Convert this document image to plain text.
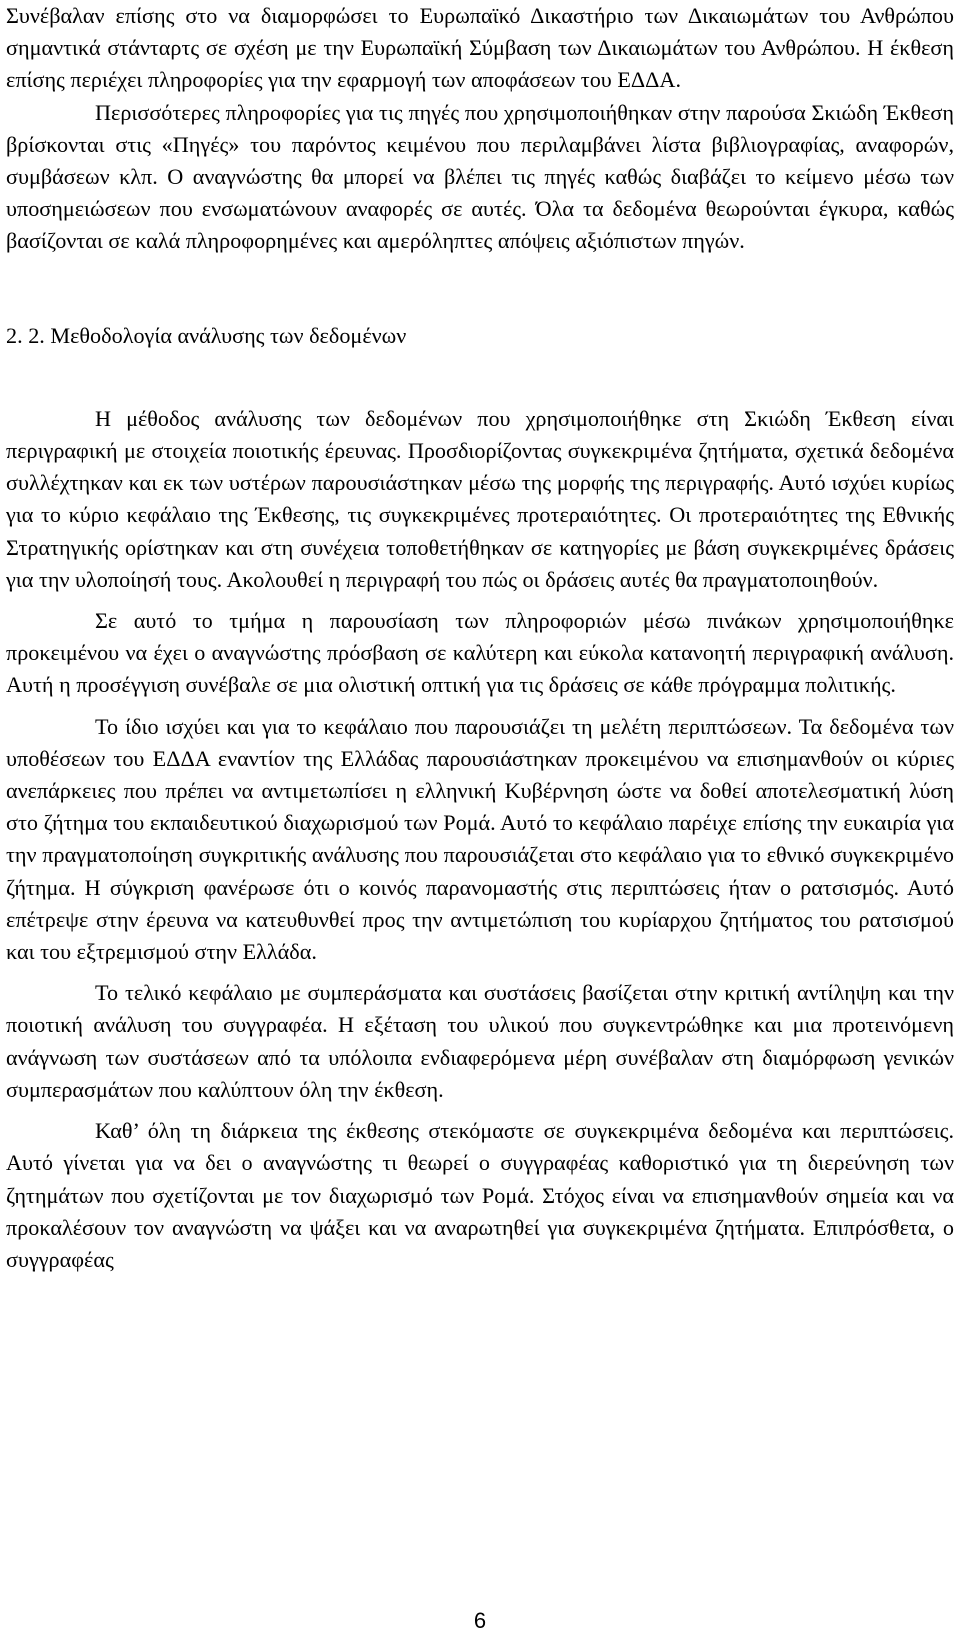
Συνέβαλαν επίσης στο να διαμορφώσει το Ευρωπαϊκό Δικαστήριο των Δικαιωμάτων του Ανθρώπου σημαντικά στάνταρτς σε σχέση με την Ευρωπαϊκή Σύμβαση των Δικαιωμάτων του Ανθρώπου. Η έκθεση επίσης περιέχει πληροφορίες για την εφαρμογή των αποφάσεων του ΕΔΔΑ.

Περισσότερες πληροφορίες για τις πηγές που χρησιμοποιήθηκαν στην παρούσα Σκιώδη Έκθεση βρίσκονται στις «Πηγές» του παρόντος κειμένου που περιλαμβάνει λίστα βιβλιογραφίας, αναφορών, συμβάσεων κλπ. Ο αναγνώστης θα μπορεί να βλέπει τις πηγές καθώς διαβάζει το κείμενο μέσω των υποσημειώσεων που ενσωματώνουν αναφορές σε αυτές. Όλα τα δεδομένα θεωρούνται έγκυρα, καθώς βασίζονται σε καλά πληροφορημένες και αμερόληπτες απόψεις αξιόπιστων πηγών.

2. 2. Μεθοδολογία ανάλυσης των δεδομένων

Η μέθοδος ανάλυσης των δεδομένων που χρησιμοποιήθηκε στη Σκιώδη Έκθεση είναι περιγραφική με στοιχεία ποιοτικής έρευνας. Προσδιορίζοντας συγκεκριμένα ζητήματα, σχετικά δεδομένα συλλέχτηκαν και εκ των υστέρων παρουσιάστηκαν μέσω της μορφής της περιγραφής. Αυτό ισχύει κυρίως για το κύριο κεφάλαιο της Έκθεσης, τις συγκεκριμένες προτεραιότητες. Οι προτεραιότητες της Εθνικής Στρατηγικής ορίστηκαν και στη συνέχεια τοποθετήθηκαν σε κατηγορίες με βάση συγκεκριμένες δράσεις για την υλοποίησή τους. Ακολουθεί η περιγραφή του πώς οι δράσεις αυτές θα πραγματοποιηθούν.

Σε αυτό το τμήμα η παρουσίαση των πληροφοριών μέσω πινάκων χρησιμοποιήθηκε προκειμένου να έχει ο αναγνώστης πρόσβαση σε καλύτερη και εύκολα κατανοητή περιγραφική ανάλυση. Αυτή η προσέγγιση συνέβαλε σε μια ολιστική οπτική για τις δράσεις σε κάθε πρόγραμμα πολιτικής.

Το ίδιο ισχύει και για το κεφάλαιο που παρουσιάζει τη μελέτη περιπτώσεων. Τα δεδομένα των υποθέσεων του ΕΔΔΑ εναντίον της Ελλάδας παρουσιάστηκαν προκειμένου να επισημανθούν οι κύριες ανεπάρκειες που πρέπει να αντιμετωπίσει η ελληνική Κυβέρνηση ώστε να δοθεί αποτελεσματική λύση στο ζήτημα του εκπαιδευτικού διαχωρισμού των Ρομά. Αυτό το κεφάλαιο παρέιχε επίσης την ευκαιρία για την πραγματοποίηση συγκριτικής ανάλυσης που παρουσιάζεται στο κεφάλαιο για το εθνικό συγκεκριμένο ζήτημα. Η σύγκριση φανέρωσε ότι ο κοινός παρανομαστής στις περιπτώσεις ήταν ο ρατσισμός. Αυτό επέτρεψε στην έρευνα να κατευθυνθεί προς την αντιμετώπιση του κυρίαρχου ζητήματος του ρατσισμού και του εξτρεμισμού στην Ελλάδα.

Το τελικό κεφάλαιο με συμπεράσματα και συστάσεις βασίζεται στην κριτική αντίληψη και την ποιοτική ανάλυση του συγγραφέα. Η εξέταση του υλικού που συγκεντρώθηκε και μια προτεινόμενη ανάγνωση των συστάσεων από τα υπόλοιπα ενδιαφερόμενα μέρη συνέβαλαν στη διαμόρφωση γενικών συμπερασμάτων που καλύπτουν όλη την έκθεση.

Καθ’ όλη τη διάρκεια της έκθεσης στεκόμαστε σε συγκεκριμένα δεδομένα και περιπτώσεις. Αυτό γίνεται για να δει ο αναγνώστης τι θεωρεί ο συγγραφέας καθοριστικό για τη διερεύνηση των ζητημάτων που σχετίζονται με τον διαχωρισμό των Ρομά. Στόχος είναι να επισημανθούν σημεία και να προκαλέσουν τον αναγνώστη να ψάξει και να αναρωτηθεί για συγκεκριμένα ζητήματα. Επιπρόσθετα, ο συγγραφέας

6
